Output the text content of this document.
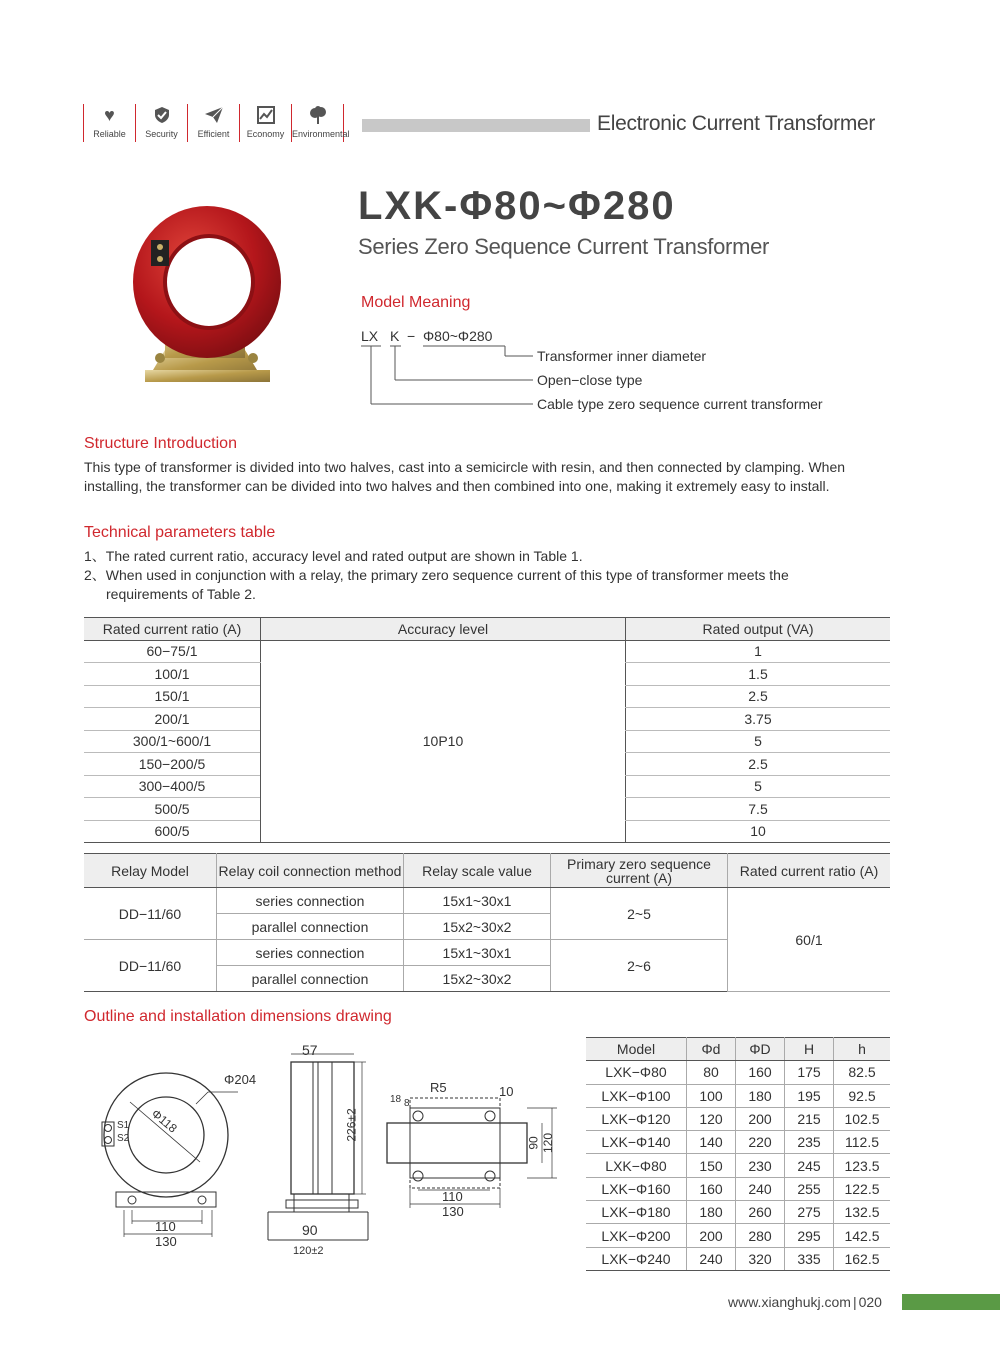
♥
Reliable	Security	Efficient	Economy Environmental	Electronic Current Transformer
LXK-Φ80~Φ280
Series Zero Sequence Current Transformer
Model Meaning
LX K − Φ80~Φ280
Transformer inner diameter
Open−close type
Cable type zero sequence current transformer
Structure Introduction
This type of transformer is divided into two halves, cast into a semicircle with resin, and then connected by clamping. When installing, the transformer can be divided into two halves and then combined into one, making it extremely easy to install.
Technical parameters table
1、The rated current ratio, accuracy level and rated output are shown in Table 1.
2、When used in conjunction with a relay, the primary zero sequence current of this type of transformer meets the requirements of Table 2.
Rated current ratio (A)	Accuracy level	Rated output (VA)
60−75/1	10P10	1
100/1		1.5
150/1		2.5
200/1		3.75
300/1~600/1		5
150−200/5		2.5
300−400/5		5
500/5		7.5
600/5		10
Relay Model	Relay coil connection method	Relay scale value	Primary zero sequence current (A)	Rated current ratio (A)
DD−11/60	series connection	15x1~30x1	2~5	60/1
	parallel connection	15x2~30x2		
DD−11/60	series connection	15x1~30x1	2~6	
	parallel connection	15x2~30x2		
Outline and installation dimensions drawing
Φ204
Φ118
S1
S2
110
130
57
226±2
90
120±2
R5
18 8
10
90 120
110
130
Model	Φd	ΦD	H	h
LXK−Φ80	80	160	175	82.5
LXK−Φ100	100	180	195	92.5
LXK−Φ120	120	200	215	102.5
LXK−Φ140	140	220	235	112.5
LXK−Φ80	150	230	245	123.5
LXK−Φ160	160	240	255	122.5
LXK−Φ180	180	260	275	132.5
LXK−Φ200	200	280	295	142.5
LXK−Φ240	240	320	335	162.5
www.xianghukj.com | 020
